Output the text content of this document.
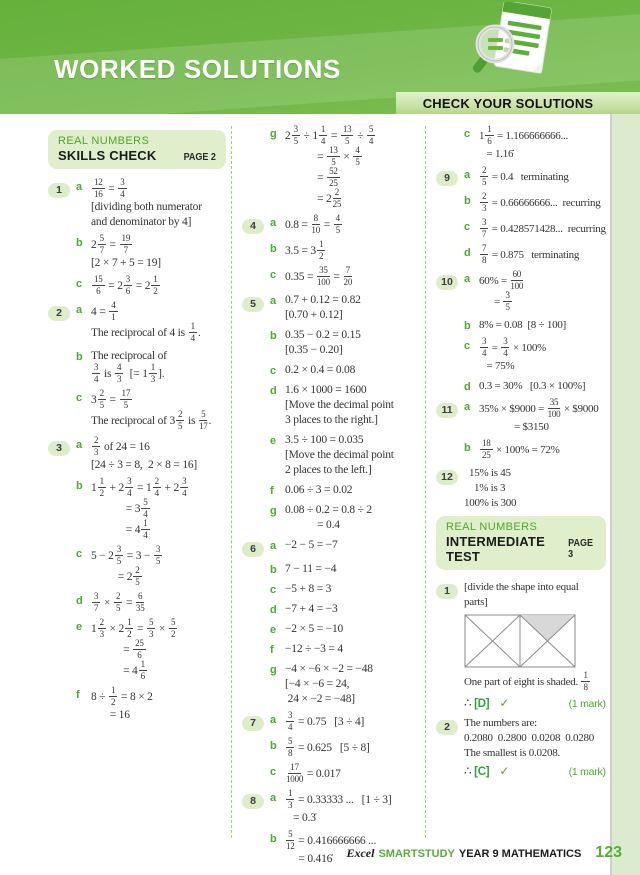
WORKED SOLUTIONS
CHECK YOUR SOLUTIONS
REAL NUMBERS
SKILLS CHECK	PAGE 2
1	a	$\frac{12}{16} = \frac{3}{4}$
[dividing both numerator
and denominator by 4]
b $2 \frac{5}{7} = \frac{19}{7}$
[2 × 7 + 5 = 19]
c	$\frac{15}{6} = 2 \frac{3}{6} = 2 \frac{1}{2}$
2	a $4 = \frac{4}{1}$
The reciprocal of 4 is $\frac{1}{4}$ .
b The reciprocal of
$\frac{3}{4}$ is $\frac{4}{3}$ [= $1 \frac{1}{3}$ ].
c $3 \frac{2}{5} = \frac{17}{5}$
The reciprocal of $3 \frac{2}{5}$ is $\frac{5}{17}$ .
3	a	$\frac{2}{3}$ of 24 = 16
[24 ÷ 3 = 8,  2 × 8 = 16]
b $1 \frac{1}{2} + 2 \frac{3}{4} = 1 \frac{2}{4} + 2 \frac{3}{4}$
= $3 \frac{5}{4}$
= $4 \frac{1}{4}$
c $5 - 2 \frac{3}{5} = 3 - \frac{3}{5}$
= $2 \frac{2}{5}$
d	$\frac{3}{7} \times \frac{2}{5} = \frac{6}{35}$
e $1 \frac{2}{3} \times 2 \frac{1}{2} = \frac{5}{3} \times \frac{5}{2}$
= $\frac{25}{6}$
= $4 \frac{1}{6}$
f $8 \div \frac{1}{2} = 8 \times 2$
= 16
g $2 \frac{3}{5} \div 1 \frac{1}{4} = \frac{13}{5} \div \frac{5}{4}$
= $\frac{13}{5} \times \frac{4}{5}$
= $\frac{52}{25}$
= $2 \frac{2}{25}$
4	a $0.8 = \frac{8}{10} = \frac{4}{5}$
b $3.5 = 3 \frac{1}{2}$
c $0.35 = \frac{35}{100} = \frac{7}{20}$
5	a 0.7 + 0.12 = 0.82
[0.70 + 0.12]
b 0.35 − 0.2 = 0.15
[0.35 − 0.20]
c 0.2 × 0.4 = 0.08
d 1.6 × 1000 = 1600
[Move the decimal point
3 places to the right.]
e 3.5 ÷ 100 = 0.035
[Move the decimal point
2 places to the left.]
f 0.06 ÷ 3 = 0.02
g 0.08 ÷ 0.2 = 0.8 ÷ 2
= 0.4
6	a −2 − 5 = −7
b 7 − 11 = −4
c −5 + 8 = 3
d −7 + 4 = −3
e −2 × 5 = −10
f −12 ÷ −3 = 4
g −4 × −6 × −2 = −48
[−4 × −6 = 24,
24 × −2 = −48]
7	a	$\frac{3}{4} = 0.75$   [3 ÷ 4]
b	$\frac{5}{8} = 0.625$   [5 ÷ 8]
c	$\frac{17}{1000} = 0.017$
8	a	$\frac{1}{3} = 0.33333$ ...   [1 ÷ 3]
= 0.3̇
b	$\frac{5}{12} = 0.416666666$ ...
= 0.416̇
c $1 \frac{1}{6} = 1.166666666$...
= 1.16̇
9	a	$\frac{2}{5} = 0.4$   terminating
b	$\frac{2}{3} = 0.66666666$...  recurring
c	$\frac{3}{7} = 0.428571428$...  recurring
d	$\frac{7}{8} = 0.875$   terminating
10	a $60\% = \frac{60}{100}$
= $\frac{3}{5}$
b 8% = 0.08  [8 ÷ 100]
c	$\frac{3}{4} = \frac{3}{4} \times 100\%$
= 75%
d 0.3 = 30%   [0.3 × 100%]
11	a 35% × $9000 = $\frac{35}{100}$ × $9000
= $3150
b	$\frac{18}{25} \times 100\% = 72\%$
12	15% is 45
1% is 3
100% is 300
REAL NUMBERS
INTERMEDIATE TEST
PAGE 3
1	[divide the shape into equal
parts]
One part of eight is shaded. $\frac{1}{8}$
∴ [D] ✓	(1 mark)
2	The numbers are:
0.2080  0.2800  0.0208  0.0280
The smallest is 0.0208.
∴ [C] ✓	(1 mark)
Excel SMARTSTUDY YEAR 9 MATHEMATICS 123
